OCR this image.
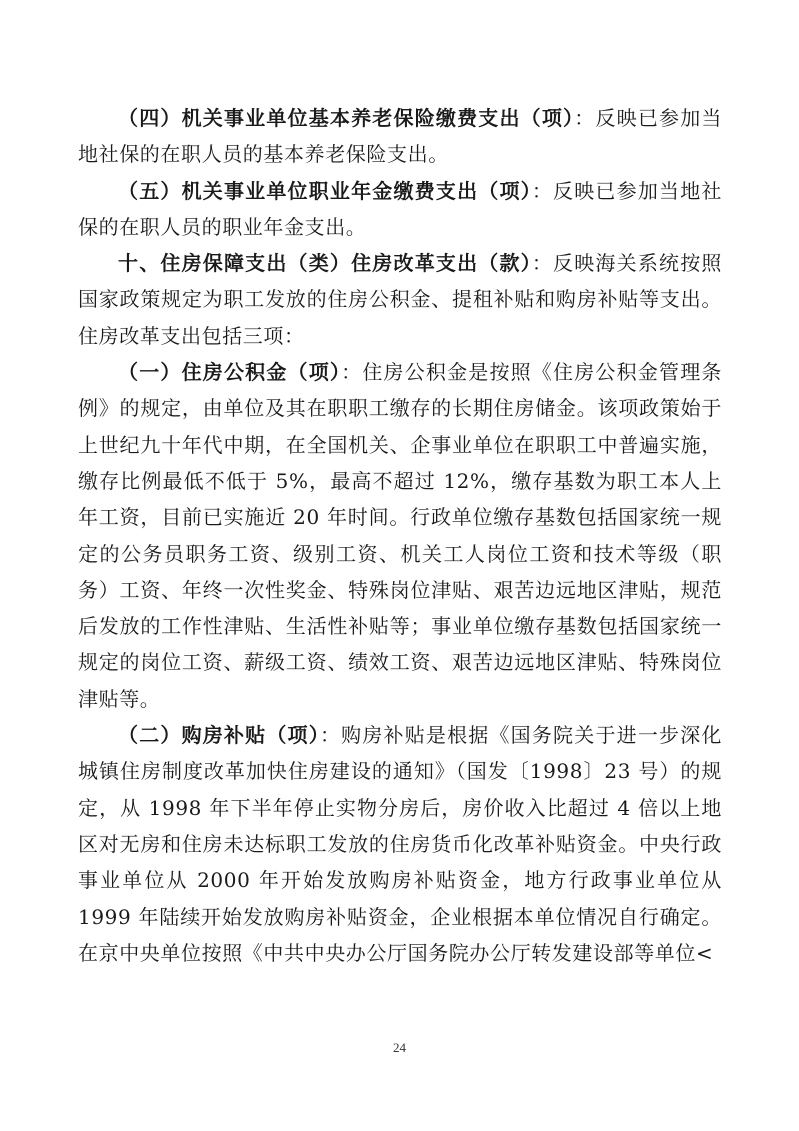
（四）机关事业单位基本养老保险缴费支出（项）：反映已参加当地社保的在职人员的基本养老保险支出。

（五）机关事业单位职业年金缴费支出（项）：反映已参加当地社保的在职人员的职业年金支出。

十、住房保障支出（类）住房改革支出（款）：反映海关系统按照国家政策规定为职工发放的住房公积金、提租补贴和购房补贴等支出。住房改革支出包括三项：

（一）住房公积金（项）：住房公积金是按照《住房公积金管理条例》的规定，由单位及其在职职工缴存的长期住房储金。该项政策始于上世纪九十年代中期，在全国机关、企事业单位在职职工中普遍实施，缴存比例最低不低于 5%，最高不超过 12%，缴存基数为职工本人上年工资，目前已实施近 20 年时间。行政单位缴存基数包括国家统一规定的公务员职务工资、级别工资、机关工人岗位工资和技术等级（职务）工资、年终一次性奖金、特殊岗位津贴、艰苦边远地区津贴，规范后发放的工作性津贴、生活性补贴等；事业单位缴存基数包括国家统一规定的岗位工资、薪级工资、绩效工资、艰苦边远地区津贴、特殊岗位津贴等。

（二）购房补贴（项）：购房补贴是根据《国务院关于进一步深化城镇住房制度改革加快住房建设的通知》（国发〔1998〕23 号）的规定，从 1998 年下半年停止实物分房后，房价收入比超过 4 倍以上地区对无房和住房未达标职工发放的住房货币化改革补贴资金。中央行政事业单位从 2000 年开始发放购房补贴资金，地方行政事业单位从 1999 年陆续开始发放购房补贴资金，企业根据本单位情况自行确定。在京中央单位按照《中共中央办公厅国务院办公厅转发建设部等单位<

24
